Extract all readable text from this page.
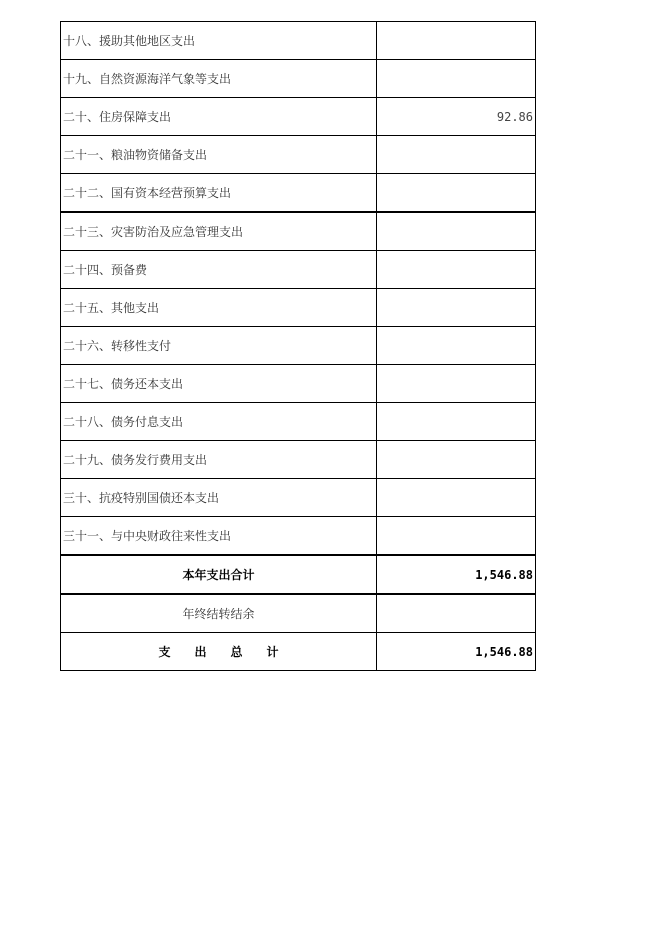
十八、援助其他地区支出	
十九、自然资源海洋气象等支出	
二十、住房保障支出	92.86
二十一、粮油物资储备支出	
二十二、国有资本经营预算支出	
二十三、灾害防治及应急管理支出	
二十四、预备费	
二十五、其他支出	
二十六、转移性支付	
二十七、债务还本支出	
二十八、债务付息支出	
二十九、债务发行费用支出	
三十、抗疫特别国债还本支出	
三十一、与中央财政往来性支出	
本年支出合计	1,546.88
年终结转结余	
支　　出　　总　　计	1,546.88
